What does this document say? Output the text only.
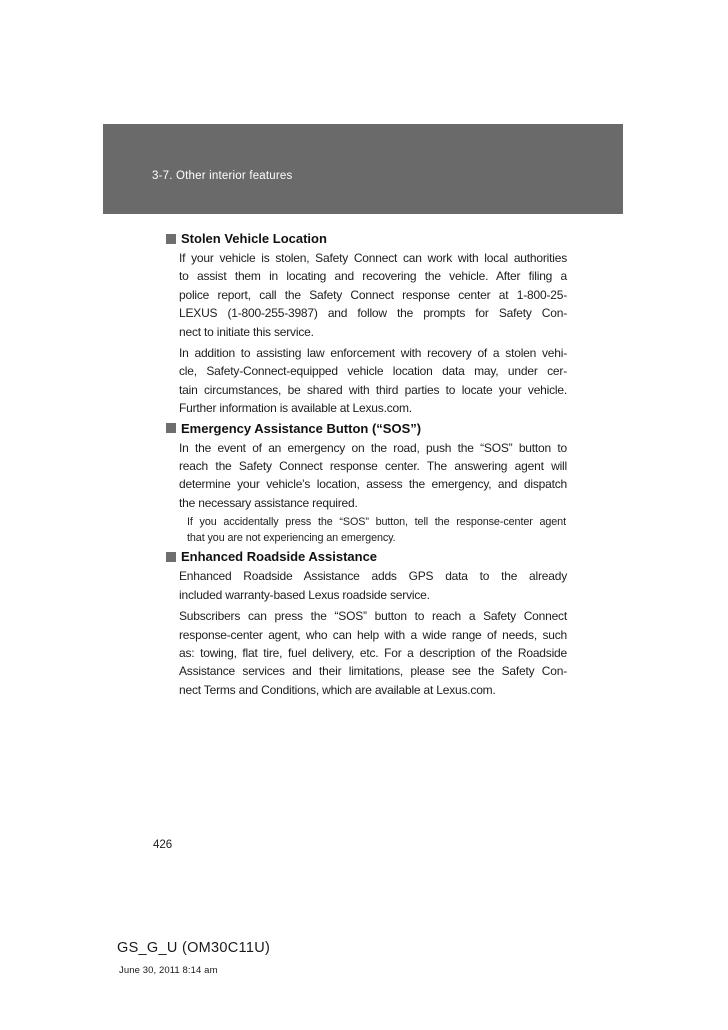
3-7. Other interior features
Stolen Vehicle Location
If your vehicle is stolen, Safety Connect can work with local authorities
to assist them in locating and recovering the vehicle. After filing a
police report, call the Safety Connect response center at 1-800-25-
LEXUS (1-800-255-3987) and follow the prompts for Safety Con-
nect to initiate this service.
In addition to assisting law enforcement with recovery of a stolen vehi-
cle, Safety-Connect-equipped vehicle location data may, under cer-
tain circumstances, be shared with third parties to locate your vehicle.
Further information is available at Lexus.com.
Emergency Assistance Button (“SOS”)
In the event of an emergency on the road, push the “SOS” button to
reach the Safety Connect response center. The answering agent will
determine your vehicle’s location, assess the emergency, and dispatch
the necessary assistance required.
If you accidentally press the “SOS” button, tell the response-center agent
that you are not experiencing an emergency.
Enhanced Roadside Assistance
Enhanced Roadside Assistance adds GPS data to the already
included warranty-based Lexus roadside service.
Subscribers can press the “SOS” button to reach a Safety Connect
response-center agent, who can help with a wide range of needs, such
as: towing, flat tire, fuel delivery, etc. For a description of the Roadside
Assistance services and their limitations, please see the Safety Con-
nect Terms and Conditions, which are available at Lexus.com.
426
GS_G_U (OM30C11U)
June 30, 2011 8:14 am
